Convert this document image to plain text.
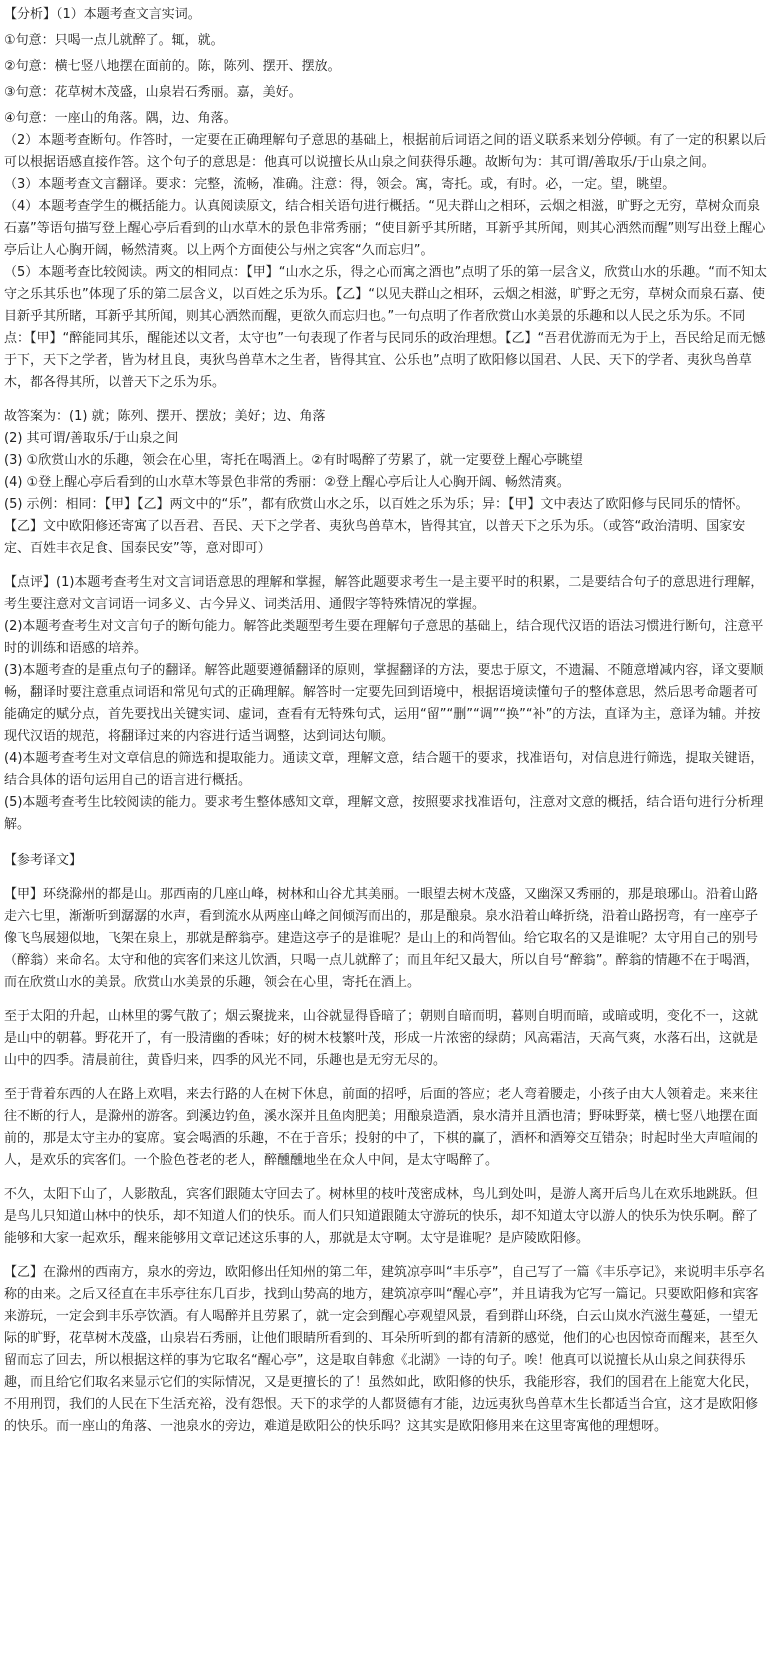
【分析】（1）本题考查文言实词。

①句意：只喝一点儿就醉了。辄，就。

②句意：横七竖八地摆在面前的。陈，陈列、摆开、摆放。

③句意：花草树木茂盛，山泉岩石秀丽。嘉，美好。

④句意：一座山的角落。隅，边、角落。

（2）本题考查断句。作答时，一定要在正确理解句子意思的基础上，根据前后词语之间的语义联系来划分停顿。有了一定的积累以后可以根据语感直接作答。这个句子的意思是：他真可以说擅长从山泉之间获得乐趣。故断句为：其可谓/善取乐/于山泉之间。

（3）本题考查文言翻译。要求：完整，流畅，准确。注意：得，领会。寓，寄托。或，有时。必，一定。望，眺望。

（4）本题考查学生的概括能力。认真阅读原文，结合相关语句进行概括。“见夫群山之相环，云烟之相滋，旷野之无穷，草树众而泉石嘉”等语句描写登上醒心亭后看到的山水草木的景色非常秀丽；“使目新乎其所睹，耳新乎其所闻，则其心洒然而醒”则写出登上醒心亭后让人心胸开阔，畅然清爽。以上两个方面使公与州之宾客“久而忘归”。

（5）本题考查比较阅读。两文的相同点：【甲】“山水之乐，得之心而寓之酒也”点明了乐的第一层含义，欣赏山水的乐趣。“而不知太守之乐其乐也”体现了乐的第二层含义，以百姓之乐为乐。【乙】“以见夫群山之相环，云烟之相滋，旷野之无穷，草树众而泉石嘉、使目新乎其所睹，耳新乎其所闻，则其心洒然而醒，更欲久而忘归也。”一句点明了作者欣赏山水美景的乐趣和以人民之乐为乐。不同点：【甲】“醉能同其乐，醒能述以文者，太守也”一句表现了作者与民同乐的政治理想。【乙】“吾君优游而无为于上，吾民给足而无憾于下，天下之学者，皆为材且良，夷狄鸟兽草木之生者，皆得其宜、公乐也”点明了欧阳修以国君、人民、天下的学者、夷狄鸟兽草木，都各得其所，以普天下之乐为乐。

故答案为：(1) 就；陈列、摆开、摆放；美好；边、角落

(2) 其可谓/善取乐/于山泉之间

(3) ①欣赏山水的乐趣，领会在心里，寄托在喝酒上。②有时喝醉了劳累了，就一定要登上醒心亭眺望

(4) ①登上醒心亭后看到的山水草木等景色非常的秀丽：②登上醒心亭后让人心胸开阔、畅然清爽。

(5) 示例：相同：【甲】【乙】两文中的“乐”，都有欣赏山水之乐，以百姓之乐为乐；异：【甲】文中表达了欧阳修与民同乐的情怀。【乙】文中欧阳修还寄寓了以吾君、吾民、天下之学者、夷狄鸟兽草木，皆得其宜，以普天下之乐为乐。（或答“政治清明、国家安定、百姓丰衣足食、国泰民安”等，意对即可）

【点评】(1)本题考查考生对文言词语意思的理解和掌握，解答此题要求考生一是主要平时的积累，二是要结合句子的意思进行理解，考生要注意对文言词语一词多义、古今异义、词类活用、通假字等特殊情况的掌握。

(2)本题考查考生对文言句子的断句能力。解答此类题型考生要在理解句子意思的基础上，结合现代汉语的语法习惯进行断句，注意平时的训练和语感的培养。

(3)本题考查的是重点句子的翻译。解答此题要遵循翻译的原则，掌握翻译的方法，要忠于原文，不遗漏、不随意增减内容，译文要顺畅，翻译时要注意重点词语和常见句式的正确理解。解答时一定要先回到语境中，根据语境读懂句子的整体意思，然后思考命题者可能确定的赋分点，首先要找出关键实词、虚词，查看有无特殊句式，运用“留”“删”“调”“换”“补”的方法，直译为主，意译为辅。并按现代汉语的规范，将翻译过来的内容进行适当调整，达到词达句顺。

(4)本题考查考生对文章信息的筛选和提取能力。通读文章，理解文意，结合题干的要求，找准语句，对信息进行筛选，提取关键语，结合具体的语句运用自己的语言进行概括。

(5)本题考查考生比较阅读的能力。要求考生整体感知文章，理解文意，按照要求找准语句，注意对文意的概括，结合语句进行分析理解。

【参考译文】

【甲】环绕滁州的都是山。那西南的几座山峰，树林和山谷尤其美丽。一眼望去树木茂盛，又幽深又秀丽的，那是琅琊山。沿着山路走六七里，渐渐听到潺潺的水声，看到流水从两座山峰之间倾泻而出的，那是酿泉。泉水沿着山峰折绕，沿着山路拐弯，有一座亭子像飞鸟展翅似地，飞架在泉上，那就是醉翁亭。建造这亭子的是谁呢？是山上的和尚智仙。给它取名的又是谁呢？太守用自己的别号（醉翁）来命名。太守和他的宾客们来这儿饮酒，只喝一点儿就醉了；而且年纪又最大，所以自号“醉翁”。醉翁的情趣不在于喝酒，而在欣赏山水的美景。欣赏山水美景的乐趣，领会在心里，寄托在酒上。

至于太阳的升起，山林里的雾气散了；烟云聚拢来，山谷就显得昏暗了；朝则自暗而明，暮则自明而暗，或暗或明，变化不一，这就是山中的朝暮。野花开了，有一股清幽的香味；好的树木枝繁叶茂，形成一片浓密的绿荫；风高霜洁，天高气爽，水落石出，这就是山中的四季。清晨前往，黄昏归来，四季的风光不同，乐趣也是无穷无尽的。

至于背着东西的人在路上欢唱，来去行路的人在树下休息，前面的招呼，后面的答应；老人弯着腰走，小孩子由大人领着走。来来往往不断的行人，是滁州的游客。到溪边钓鱼，溪水深并且鱼肉肥美；用酿泉造酒，泉水清并且酒也清；野味野菜，横七竖八地摆在面前的，那是太守主办的宴席。宴会喝酒的乐趣，不在于音乐；投射的中了，下棋的赢了，酒杯和酒筹交互错杂；时起时坐大声喧闹的人，是欢乐的宾客们。一个脸色苍老的老人，醉醺醺地坐在众人中间，是太守喝醉了。

不久，太阳下山了，人影散乱，宾客们跟随太守回去了。树林里的枝叶茂密成林，鸟儿到处叫，是游人离开后鸟儿在欢乐地跳跃。但是鸟儿只知道山林中的快乐，却不知道人们的快乐。而人们只知道跟随太守游玩的快乐，却不知道太守以游人的快乐为快乐啊。醉了能够和大家一起欢乐，醒来能够用文章记述这乐事的人，那就是太守啊。太守是谁呢？是庐陵欧阳修。

【乙】在滁州的西南方，泉水的旁边，欧阳修出任知州的第二年，建筑凉亭叫“丰乐亭”，自己写了一篇《丰乐亭记》，来说明丰乐亭名称的由来。之后又径直在丰乐亭往东几百步，找到山势高的地方，建筑凉亭叫“醒心亭”，并且请我为它写一篇记。只要欧阳修和宾客来游玩，一定会到丰乐亭饮酒。有人喝醉并且劳累了，就一定会到醒心亭观望风景，看到群山环绕，白云山岚水汽滋生蔓延，一望无际的旷野，花草树木茂盛，山泉岩石秀丽，让他们眼睛所看到的、耳朵所听到的都有清新的感觉，他们的心也因惊奇而醒来，甚至久留而忘了回去，所以根据这样的事为它取名“醒心亭”，这是取自韩愈《北湖》一诗的句子。唉！他真可以说擅长从山泉之间获得乐趣，而且给它们取名来显示它们的实际情况，又是更擅长的了！虽然如此，欧阳修的快乐，我能形容，我们的国君在上能宽大化民，不用刑罚，我们的人民在下生活充裕，没有怨恨。天下的求学的人都贤德有才能，边远夷狄鸟兽草木生长都适当合宜，这才是欧阳修的快乐。而一座山的角落、一池泉水的旁边，难道是欧阳公的快乐吗？这其实是欧阳修用来在这里寄寓他的理想呀。
